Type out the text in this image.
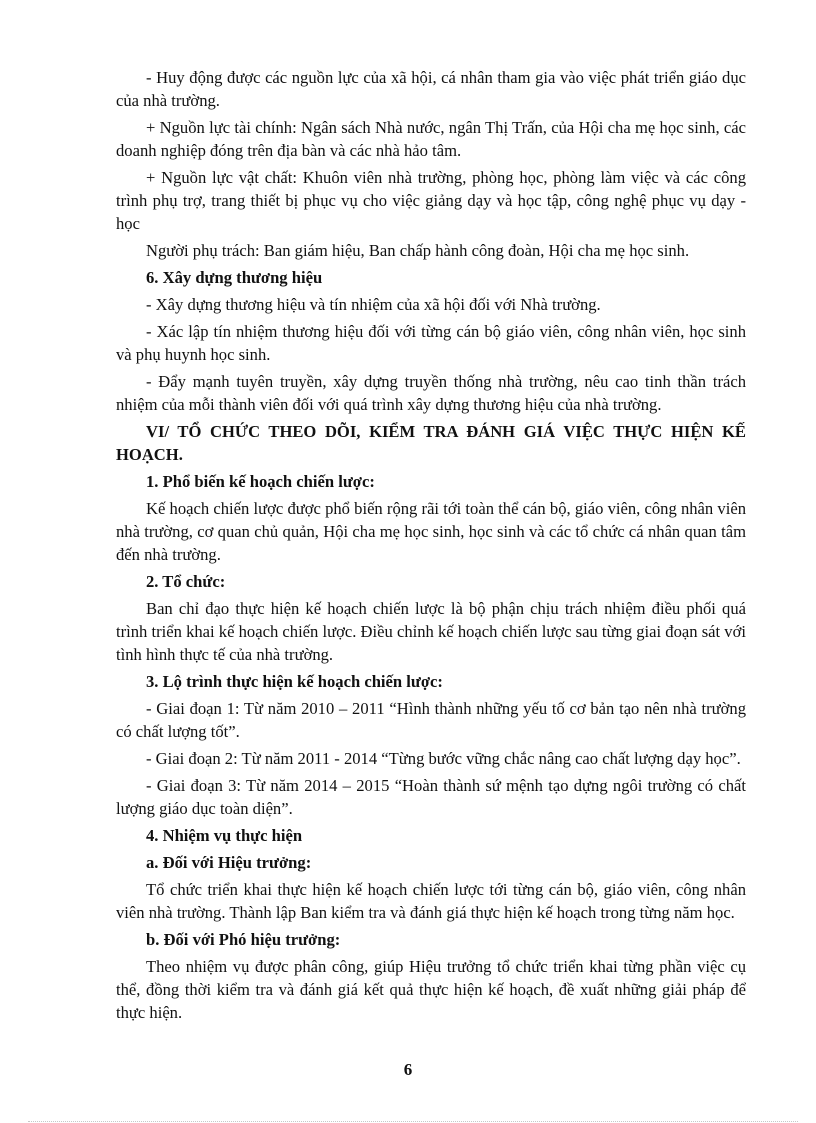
- Huy động được các nguồn lực của xã hội, cá nhân tham gia vào việc phát triển giáo dục của nhà trường.

+ Nguồn lực tài chính: Ngân sách Nhà nước, ngân Thị Trấn, của Hội cha mẹ học sinh, các doanh nghiệp đóng trên địa bàn và các nhà hảo tâm.

+ Nguồn lực vật chất: Khuôn viên nhà trường, phòng học, phòng làm việc và các công trình phụ trợ, trang thiết bị phục vụ cho việc giảng dạy và học tập, công nghệ phục vụ dạy - học

Người phụ trách: Ban giám hiệu, Ban chấp hành công đoàn, Hội cha mẹ học sinh.

6. Xây dựng thương hiệu

- Xây dựng thương hiệu và tín nhiệm của xã hội đối với Nhà trường.

- Xác lập tín nhiệm thương hiệu đối với từng cán bộ giáo viên, công nhân viên, học sinh và phụ huynh học sinh.

- Đẩy mạnh tuyên truyền, xây dựng truyền thống nhà trường, nêu cao tinh thần trách nhiệm của mỗi thành viên đối với quá trình xây dựng thương hiệu của nhà trường.

VI/ TỔ CHỨC THEO DÕI, KIỂM TRA ĐÁNH GIÁ VIỆC THỰC HIỆN KẾ HOẠCH.

1. Phổ biến kế hoạch chiến lược:

Kế hoạch chiến lược được phổ biến rộng rãi tới toàn thể cán bộ, giáo viên, công nhân viên nhà trường, cơ quan chủ quản, Hội cha mẹ học sinh, học sinh và các tổ chức cá nhân quan tâm đến nhà trường.

2. Tổ chức:

Ban chỉ đạo thực hiện kế hoạch chiến lược là bộ phận chịu trách nhiệm điều phối quá trình triển khai kế hoạch chiến lược. Điều chỉnh kế hoạch chiến lược sau từng giai đoạn sát với tình hình thực tế của nhà trường.

3. Lộ trình thực hiện kế hoạch chiến lược:

- Giai đoạn 1: Từ năm 2010 – 2011 “Hình thành những yếu tố cơ bản tạo nên nhà trường có chất lượng tốt”.

- Giai đoạn 2: Từ năm 2011 - 2014 “Từng bước vững chắc nâng cao chất lượng dạy học”.

- Giai đoạn 3: Từ năm 2014 – 2015 “Hoàn thành sứ mệnh tạo dựng ngôi trường có chất lượng giáo dục toàn diện”.

4. Nhiệm vụ thực hiện
a. Đối với Hiệu trưởng:

Tổ chức triển khai thực hiện kế hoạch chiến lược tới từng cán bộ, giáo viên, công nhân viên nhà trường. Thành lập Ban kiểm tra và đánh giá thực hiện kế hoạch trong từng năm học.

b. Đối với Phó hiệu trưởng:

Theo nhiệm vụ được phân công, giúp Hiệu trưởng tổ chức triển khai từng phần việc cụ thể, đồng thời kiểm tra và đánh giá kết quả thực hiện kế hoạch, đề xuất những giải pháp để thực hiện.

6
